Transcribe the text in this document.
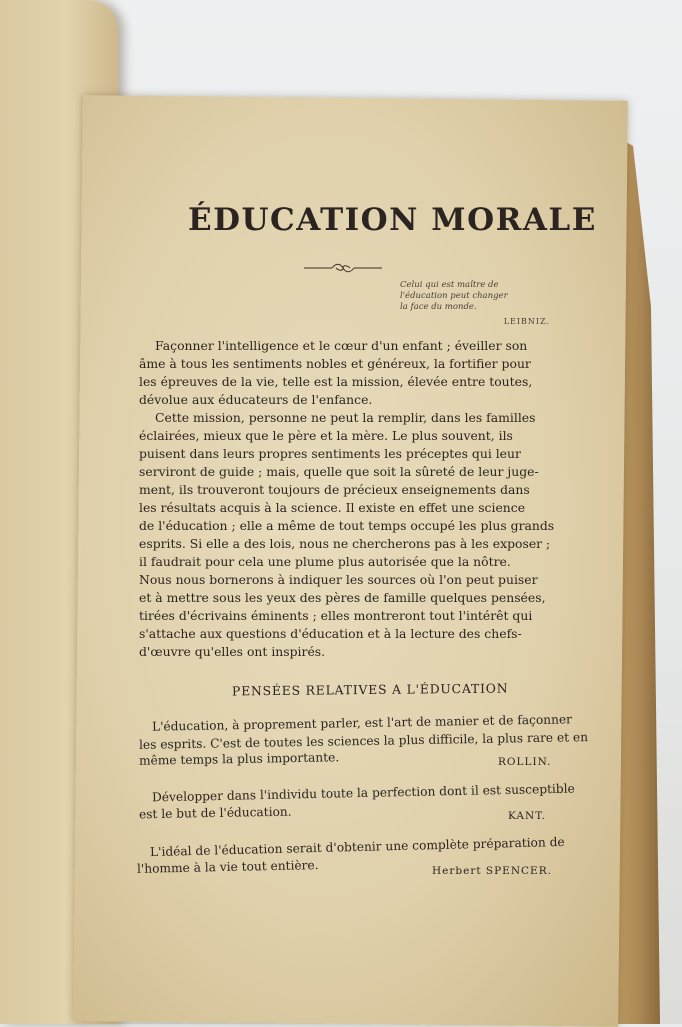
ÉDUCATION MORALE
Celui qui est maître de
l'éducation peut changer
la face du monde.
LEIBNIZ.
Façonner l'intelligence et le cœur d'un enfant ; éveiller son
âme à tous les sentiments nobles et généreux, la fortifier pour
les épreuves de la vie, telle est la mission, élevée entre toutes,
dévolue aux éducateurs de l'enfance.
Cette mission, personne ne peut la remplir, dans les familles
éclairées, mieux que le père et la mère. Le plus souvent, ils
puisent dans leurs propres sentiments les préceptes qui leur
serviront de guide ; mais, quelle que soit la sûreté de leur juge-
ment, ils trouveront toujours de précieux enseignements dans
les résultats acquis à la science. Il existe en effet une science
de l'éducation ; elle a même de tout temps occupé les plus grands
esprits. Si elle a des lois, nous ne chercherons pas à les exposer ;
il faudrait pour cela une plume plus autorisée que la nôtre.
Nous nous bornerons à indiquer les sources où l'on peut puiser
et à mettre sous les yeux des pères de famille quelques pensées,
tirées d'écrivains éminents ; elles montreront tout l'intérêt qui
s'attache aux questions d'éducation et à la lecture des chefs-
d'œuvre qu'elles ont inspirés.
PENSÉES RELATIVES A L'ÉDUCATION
L'éducation, à proprement parler, est l'art de manier et de façonner
les esprits. C'est de toutes les sciences la plus difficile, la plus rare et en
même temps la plus importante.	ROLLIN.
Développer dans l'individu toute la perfection dont il est susceptible
est le but de l'éducation.	KANT.
L'idéal de l'éducation serait d'obtenir une complète préparation de
l'homme à la vie tout entière.	Herbert SPENCER.
